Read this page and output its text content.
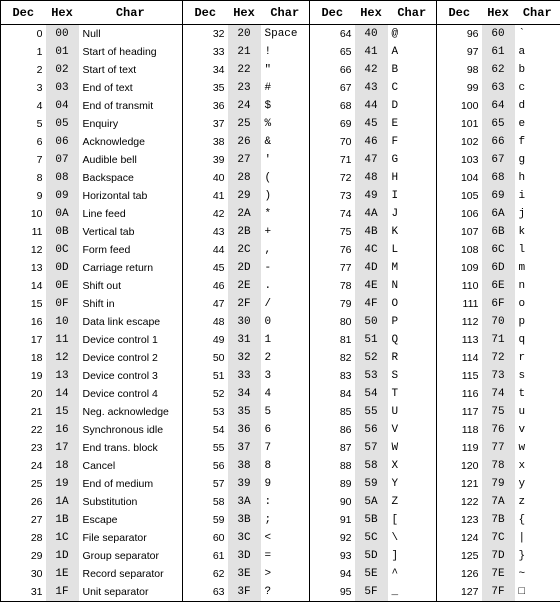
Dec	Hex	Char	Dec	Hex	Char	Dec	Hex	Char	Dec	Hex	Char
0	00	Null	32	20	Space	64	40	@	96	60	`
1	01	Start of heading	33	21	!	65	41	A	97	61	a
2	02	Start of text	34	22	"	66	42	B	98	62	b
3	03	End of text	35	23	#	67	43	C	99	63	c
4	04	End of transmit	36	24	$	68	44	D	100	64	d
5	05	Enquiry	37	25	%	69	45	E	101	65	e
6	06	Acknowledge	38	26	&	70	46	F	102	66	f
7	07	Audible bell	39	27	'	71	47	G	103	67	g
8	08	Backspace	40	28	(	72	48	H	104	68	h
9	09	Horizontal tab	41	29	)	73	49	I	105	69	i
10	0A	Line feed	42	2A	*	74	4A	J	106	6A	j
11	0B	Vertical tab	43	2B	+	75	4B	K	107	6B	k
12	0C	Form feed	44	2C	,	76	4C	L	108	6C	l
13	0D	Carriage return	45	2D	-	77	4D	M	109	6D	m
14	0E	Shift out	46	2E	.	78	4E	N	110	6E	n
15	0F	Shift in	47	2F	/	79	4F	O	111	6F	o
16	10	Data link escape	48	30	0	80	50	P	112	70	p
17	11	Device control 1	49	31	1	81	51	Q	113	71	q
18	12	Device control 2	50	32	2	82	52	R	114	72	r
19	13	Device control 3	51	33	3	83	53	S	115	73	s
20	14	Device control 4	52	34	4	84	54	T	116	74	t
21	15	Neg. acknowledge	53	35	5	85	55	U	117	75	u
22	16	Synchronous idle	54	36	6	86	56	V	118	76	v
23	17	End trans. block	55	37	7	87	57	W	119	77	w
24	18	Cancel	56	38	8	88	58	X	120	78	x
25	19	End of medium	57	39	9	89	59	Y	121	79	y
26	1A	Substitution	58	3A	:	90	5A	Z	122	7A	z
27	1B	Escape	59	3B	;	91	5B	[	123	7B	{
28	1C	File separator	60	3C	<	92	5C	\	124	7C	|
29	1D	Group separator	61	3D	=	93	5D	]	125	7D	}
30	1E	Record separator	62	3E	>	94	5E	^	126	7E	~
31	1F	Unit separator	63	3F	?	95	5F	_	127	7F	□
